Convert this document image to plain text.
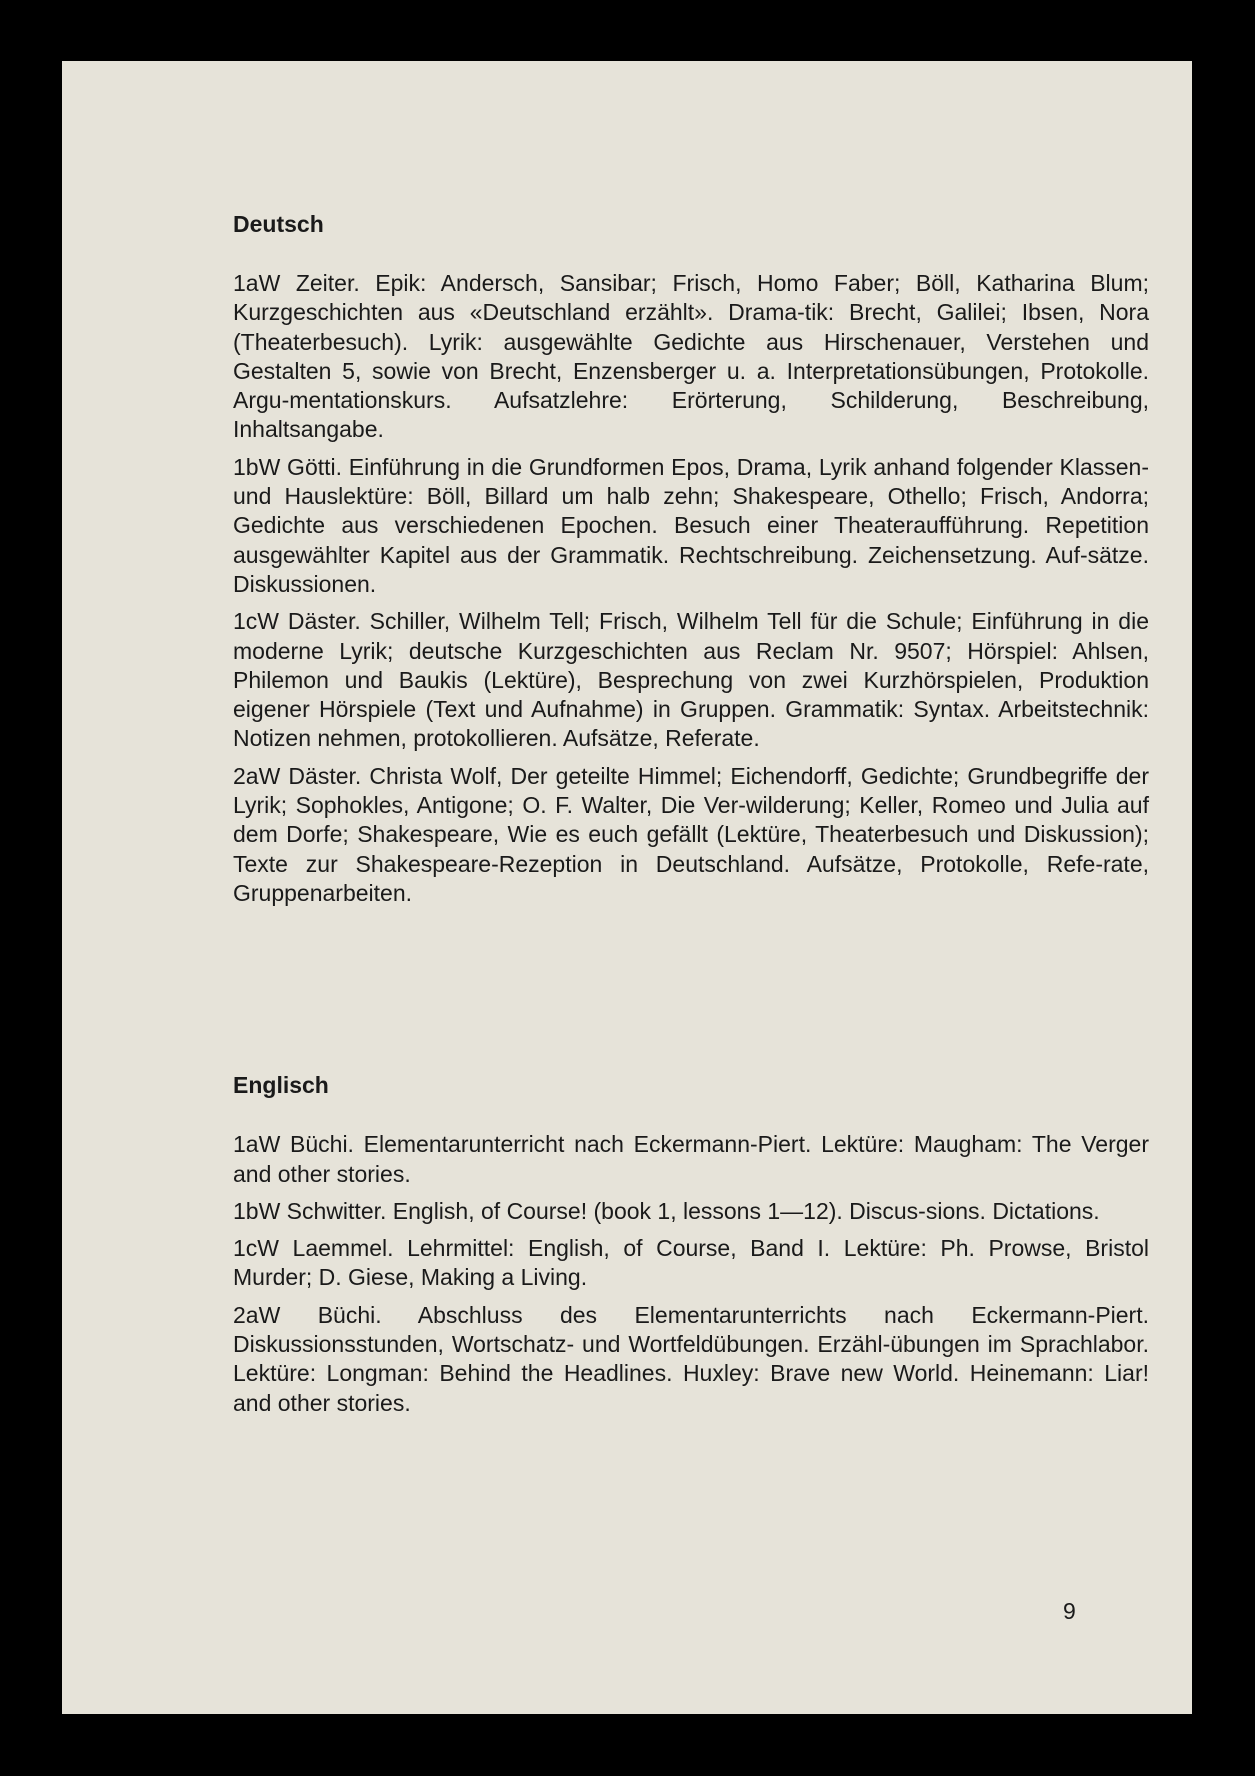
Deutsch

1aW Zeiter. Epik: Andersch, Sansibar; Frisch, Homo Faber; Böll, Katharina Blum; Kurzgeschichten aus «Deutschland erzählt». Drama-tik: Brecht, Galilei; Ibsen, Nora (Theaterbesuch). Lyrik: ausgewählte Gedichte aus Hirschenauer, Verstehen und Gestalten 5, sowie von Brecht, Enzensberger u. a. Interpretationsübungen, Protokolle. Argu-mentationskurs. Aufsatzlehre: Erörterung, Schilderung, Beschreibung, Inhaltsangabe.

1bW Götti. Einführung in die Grundformen Epos, Drama, Lyrik anhand folgender Klassen- und Hauslektüre: Böll, Billard um halb zehn; Shakespeare, Othello; Frisch, Andorra; Gedichte aus verschiedenen Epochen. Besuch einer Theateraufführung. Repetition ausgewählter Kapitel aus der Grammatik. Rechtschreibung. Zeichensetzung. Auf-sätze. Diskussionen.

1cW Däster. Schiller, Wilhelm Tell; Frisch, Wilhelm Tell für die Schule; Einführung in die moderne Lyrik; deutsche Kurzgeschichten aus Reclam Nr. 9507; Hörspiel: Ahlsen, Philemon und Baukis (Lektüre), Besprechung von zwei Kurzhörspielen, Produktion eigener Hörspiele (Text und Aufnahme) in Gruppen. Grammatik: Syntax. Arbeitstechnik: Notizen nehmen, protokollieren. Aufsätze, Referate.

2aW Däster. Christa Wolf, Der geteilte Himmel; Eichendorff, Gedichte; Grundbegriffe der Lyrik; Sophokles, Antigone; O. F. Walter, Die Ver-wilderung; Keller, Romeo und Julia auf dem Dorfe; Shakespeare, Wie es euch gefällt (Lektüre, Theaterbesuch und Diskussion); Texte zur Shakespeare-Rezeption in Deutschland. Aufsätze, Protokolle, Refe-rate, Gruppenarbeiten.

Englisch

1aW Büchi. Elementarunterricht nach Eckermann-Piert. Lektüre: Maugham: The Verger and other stories.

1bW Schwitter. English, of Course! (book 1, lessons 1—12). Discus-sions. Dictations.

1cW Laemmel. Lehrmittel: English, of Course, Band I. Lektüre: Ph. Prowse, Bristol Murder; D. Giese, Making a Living.

2aW Büchi. Abschluss des Elementarunterrichts nach Eckermann-Piert. Diskussionsstunden, Wortschatz- und Wortfeldübungen. Erzähl-übungen im Sprachlabor. Lektüre: Longman: Behind the Headlines. Huxley: Brave new World. Heinemann: Liar! and other stories.

9
